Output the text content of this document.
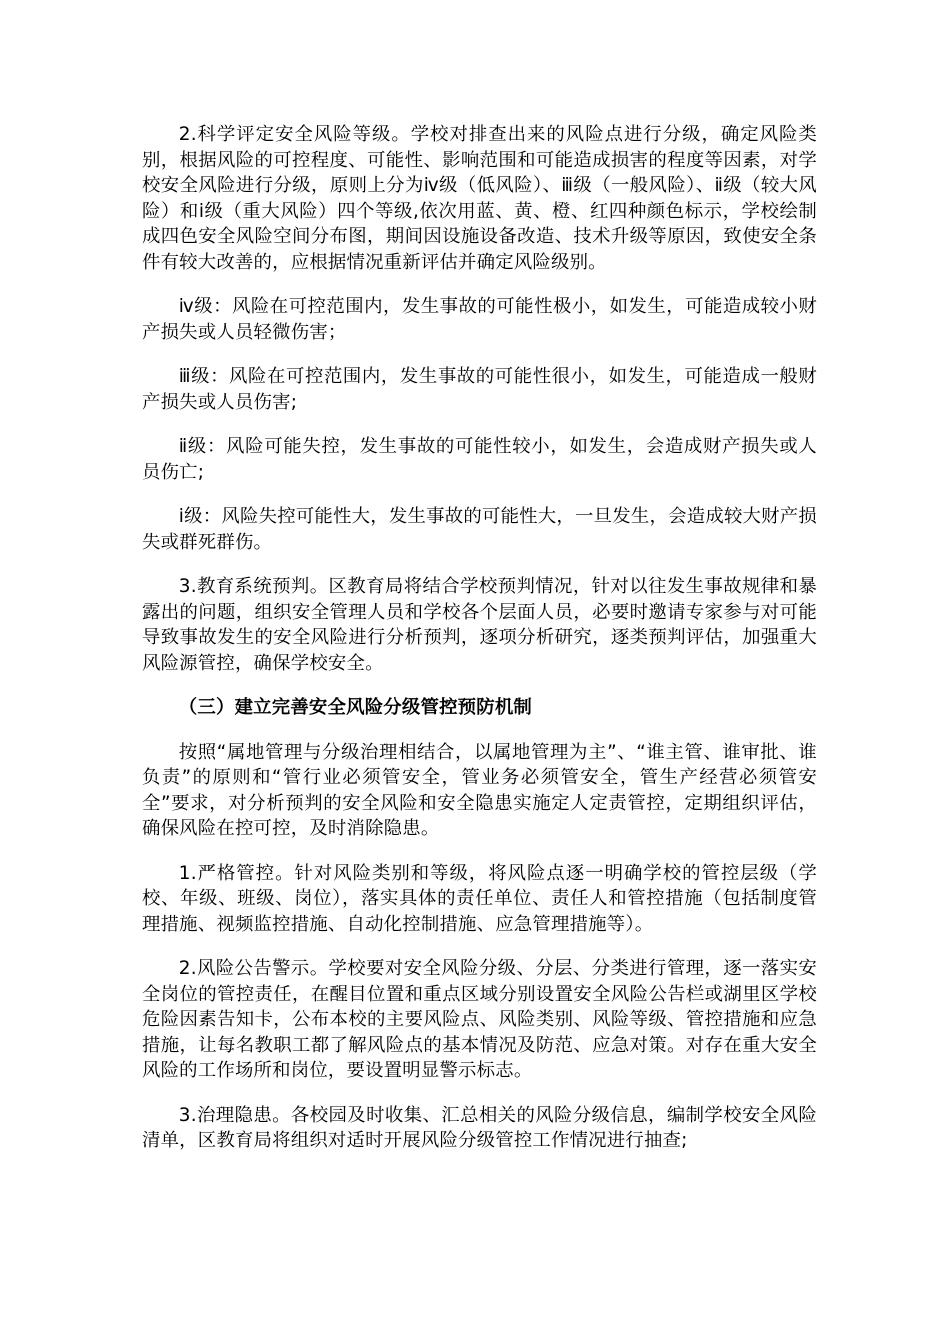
2.科学评定安全风险等级。学校对排查出来的风险点进行分级，确定风险类别，根据风险的可控程度、可能性、影响范围和可能造成损害的程度等因素，对学校安全风险进行分级，原则上分为ⅳ级（低风险）、ⅲ级（一般风险）、ⅱ级（较大风险）和ⅰ级（重大风险）四个等级,依次用蓝、黄、橙、红四种颜色标示，学校绘制成四色安全风险空间分布图，期间因设施设备改造、技术升级等原因，致使安全条件有较大改善的，应根据情况重新评估并确定风险级别。

ⅳ级：风险在可控范围内，发生事故的可能性极小，如发生，可能造成较小财产损失或人员轻微伤害；

ⅲ级：风险在可控范围内，发生事故的可能性很小，如发生，可能造成一般财产损失或人员伤害;

ⅱ级：风险可能失控，发生事故的可能性较小，如发生，会造成财产损失或人员伤亡;

ⅰ级：风险失控可能性大，发生事故的可能性大，一旦发生，会造成较大财产损失或群死群伤。

3.教育系统预判。区教育局将结合学校预判情况，针对以往发生事故规律和暴露出的问题，组织安全管理人员和学校各个层面人员，必要时邀请专家参与对可能导致事故发生的安全风险进行分析预判，逐项分析研究，逐类预判评估，加强重大风险源管控，确保学校安全。

（三）建立完善安全风险分级管控预防机制

按照“属地管理与分级治理相结合，以属地管理为主”、“谁主管、谁审批、谁负责”的原则和“管行业必须管安全，管业务必须管安全，管生产经营必须管安全”要求，对分析预判的安全风险和安全隐患实施定人定责管控，定期组织评估，确保风险在控可控，及时消除隐患。

1.严格管控。针对风险类别和等级，将风险点逐一明确学校的管控层级（学校、年级、班级、岗位），落实具体的责任单位、责任人和管控措施（包括制度管理措施、视频监控措施、自动化控制措施、应急管理措施等）。

2.风险公告警示。学校要对安全风险分级、分层、分类进行管理，逐一落实安全岗位的管控责任，在醒目位置和重点区域分别设置安全风险公告栏或湖里区学校危险因素告知卡，公布本校的主要风险点、风险类别、风险等级、管控措施和应急措施，让每名教职工都了解风险点的基本情况及防范、应急对策。对存在重大安全风险的工作场所和岗位，要设置明显警示标志。

3.治理隐患。各校园及时收集、汇总相关的风险分级信息，编制学校安全风险清单，区教育局将组织对适时开展风险分级管控工作情况进行抽查;
